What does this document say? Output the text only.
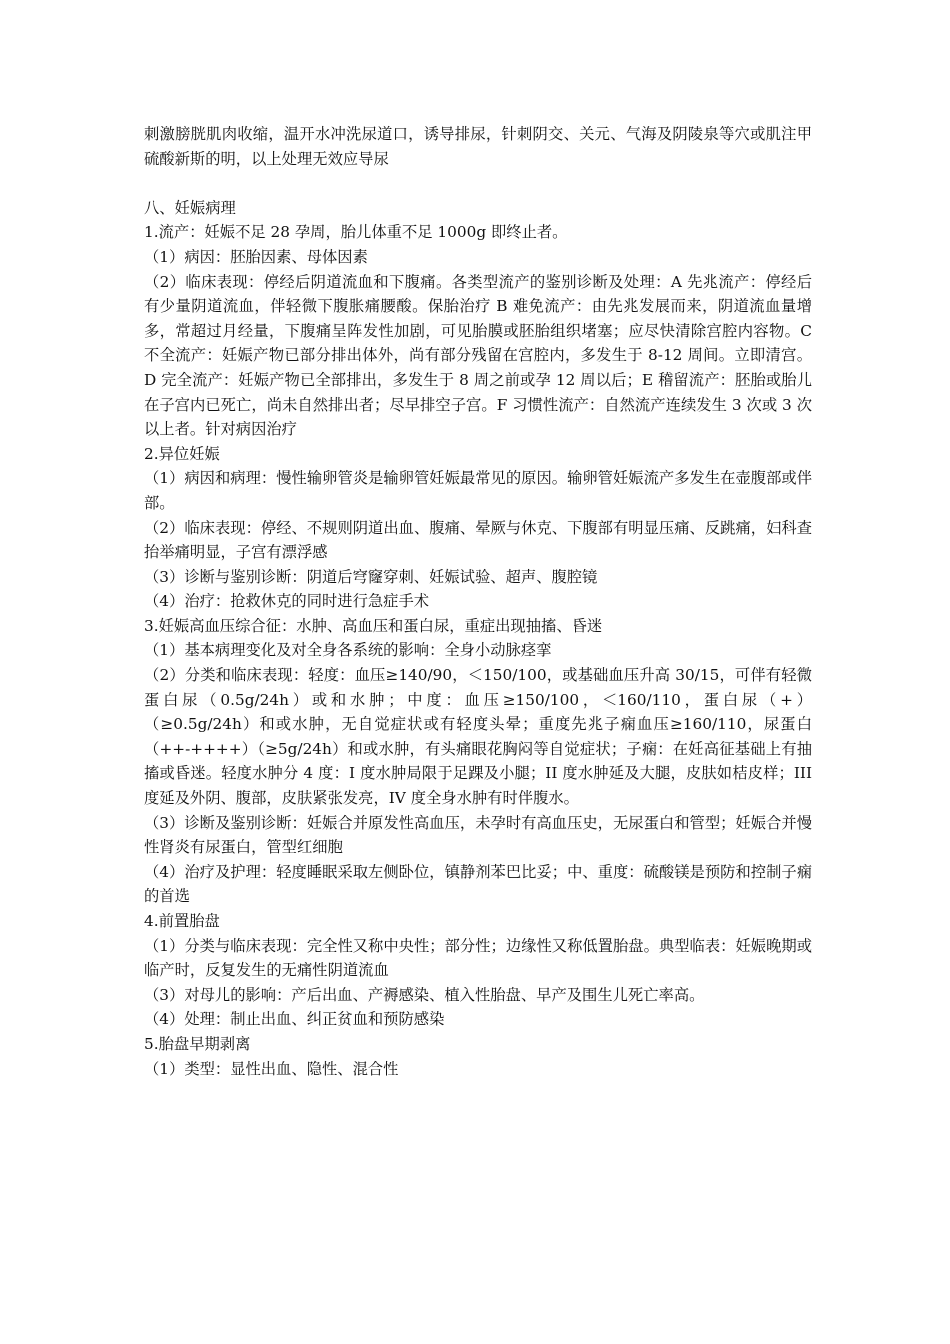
刺激膀胱肌肉收缩，温开水冲洗尿道口，诱导排尿，针刺阴交、关元、气海及阴陵泉等穴或肌注甲硫酸新斯的明，以上处理无效应导尿

八、妊娠病理

1.流产：妊娠不足 28 孕周，胎儿体重不足 1000g 即终止者。

（1）病因：胚胎因素、母体因素

（2）临床表现：停经后阴道流血和下腹痛。各类型流产的鉴别诊断及处理：A 先兆流产：停经后有少量阴道流血，伴轻微下腹胀痛腰酸。保胎治疗 B 难免流产：由先兆发展而来，阴道流血量增多，常超过月经量，下腹痛呈阵发性加剧，可见胎膜或胚胎组织堵塞；应尽快清除宫腔内容物。C 不全流产：妊娠产物已部分排出体外，尚有部分残留在宫腔内，多发生于 8-12 周间。立即清宫。D 完全流产：妊娠产物已全部排出，多发生于 8 周之前或孕 12 周以后；E 稽留流产：胚胎或胎儿在子宫内已死亡，尚未自然排出者；尽早排空子宫。F 习惯性流产：自然流产连续发生 3 次或 3 次以上者。针对病因治疗

2.异位妊娠

（1）病因和病理：慢性输卵管炎是输卵管妊娠最常见的原因。输卵管妊娠流产多发生在壶腹部或伴部。

（2）临床表现：停经、不规则阴道出血、腹痛、晕厥与休克、下腹部有明显压痛、反跳痛，妇科查抬举痛明显，子宫有漂浮感

（3）诊断与鉴别诊断：阴道后穹窿穿刺、妊娠试验、超声、腹腔镜

（4）治疗：抢救休克的同时进行急症手术

3.妊娠高血压综合征：水肿、高血压和蛋白尿，重症出现抽搐、昏迷

（1）基本病理变化及对全身各系统的影响：全身小动脉痉挛

（2）分类和临床表现：轻度：血压≥140/90，＜150/100，或基础血压升高 30/15，可伴有轻微蛋白尿（0.5g/24h）或和水肿；中度：血压≥150/100，＜160/110，蛋白尿（+）（≥0.5g/24h）和或水肿，无自觉症状或有轻度头晕；重度先兆子痫血压≥160/110，尿蛋白（++-++++）（≥5g/24h）和或水肿，有头痛眼花胸闷等自觉症状；子痫：在妊高征基础上有抽搐或昏迷。轻度水肿分 4 度：I 度水肿局限于足踝及小腿；II 度水肿延及大腿，皮肤如桔皮样；III 度延及外阴、腹部，皮肤紧张发亮，IV 度全身水肿有时伴腹水。

（3）诊断及鉴别诊断：妊娠合并原发性高血压，未孕时有高血压史，无尿蛋白和管型；妊娠合并慢性肾炎有尿蛋白，管型红细胞

（4）治疗及护理：轻度睡眠采取左侧卧位，镇静剂苯巴比妥；中、重度：硫酸镁是预防和控制子痫的首选

4.前置胎盘

（1）分类与临床表现：完全性又称中央性；部分性；边缘性又称低置胎盘。典型临表：妊娠晚期或临产时，反复发生的无痛性阴道流血

（3）对母儿的影响：产后出血、产褥感染、植入性胎盘、早产及围生儿死亡率高。

（4）处理：制止出血、纠正贫血和预防感染

5.胎盘早期剥离

（1）类型：显性出血、隐性、混合性
